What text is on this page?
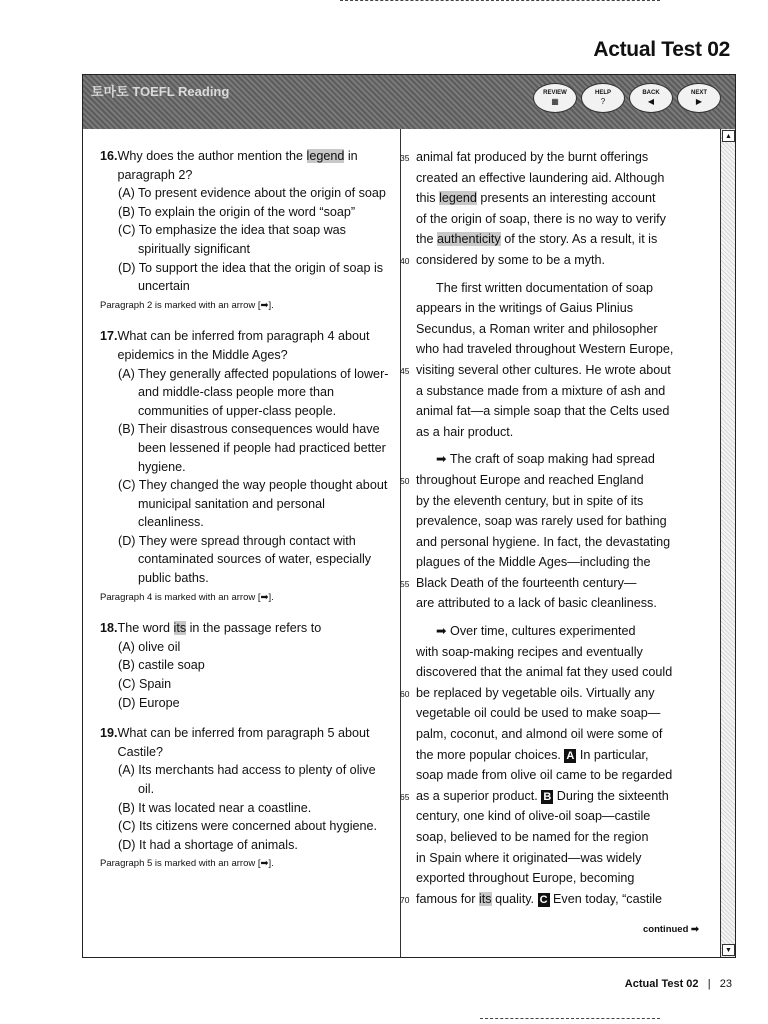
Actual Test 02
토마토 TOEFL Reading	REVIEW
▦
HELP
?
BACK
◀
NEXT
▶
▲
▼
16. Why does the author mention the legend in paragraph 2?
(A) To present evidence about the origin of soap
(B) To explain the origin of the word “soap”
(C) To emphasize the idea that soap was spiritually significant
(D) To support the idea that the origin of soap is uncertain
Paragraph 2 is marked with an arrow [➡].
17. What can be inferred from paragraph 4 about epidemics in the Middle Ages?
(A) They generally affected populations of lower- and middle-class people more than communities of upper-class people.
(B) Their disastrous consequences would have been lessened if people had practiced better hygiene.
(C) They changed the way people thought about municipal sanitation and personal cleanliness.
(D) They were spread through contact with contaminated sources of water, especially public baths.
Paragraph 4 is marked with an arrow [➡].
18. The word its in the passage refers to
(A) olive oil
(B) castile soap
(C) Spain
(D) Europe
19. What can be inferred from paragraph 5 about Castile?
(A) Its merchants had access to plenty of olive oil.
(B) It was located near a coastline.
(C) Its citizens were concerned about hygiene.
(D) It had a shortage of animals.
Paragraph 5 is marked with an arrow [➡].
35 animal fat produced by the burnt offerings
created an effective laundering aid. Although
this legend presents an interesting account
of the origin of soap, there is no way to verify
the authenticity of the story. As a result, it is
40 considered by some to be a myth.
The first written documentation of soap
appears in the writings of Gaius Plinius
Secundus, a Roman writer and philosopher
who had traveled throughout Western Europe,
45 visiting several other cultures. He wrote about
a substance made from a mixture of ash and
animal fat—a simple soap that the Celts used
as a hair product.
➡ The craft of soap making had spread
50 throughout Europe and reached England
by the eleventh century, but in spite of its
prevalence, soap was rarely used for bathing
and personal hygiene. In fact, the devastating
plagues of the Middle Ages—including the
55 Black Death of the fourteenth century—
are attributed to a lack of basic cleanliness.
➡ Over time, cultures experimented
with soap-making recipes and eventually
discovered that the animal fat they used could
60 be replaced by vegetable oils. Virtually any
vegetable oil could be used to make soap—
palm, coconut, and almond oil were some of
the more popular choices. A In particular,
soap made from olive oil came to be regarded
65 as a superior product. B During the sixteenth
century, one kind of olive-oil soap—castile
soap, believed to be named for the region
in Spain where it originated—was widely
exported throughout Europe, becoming
70 famous for its quality. C Even today, “castile
continued ➡
Actual Test 02 | 23
